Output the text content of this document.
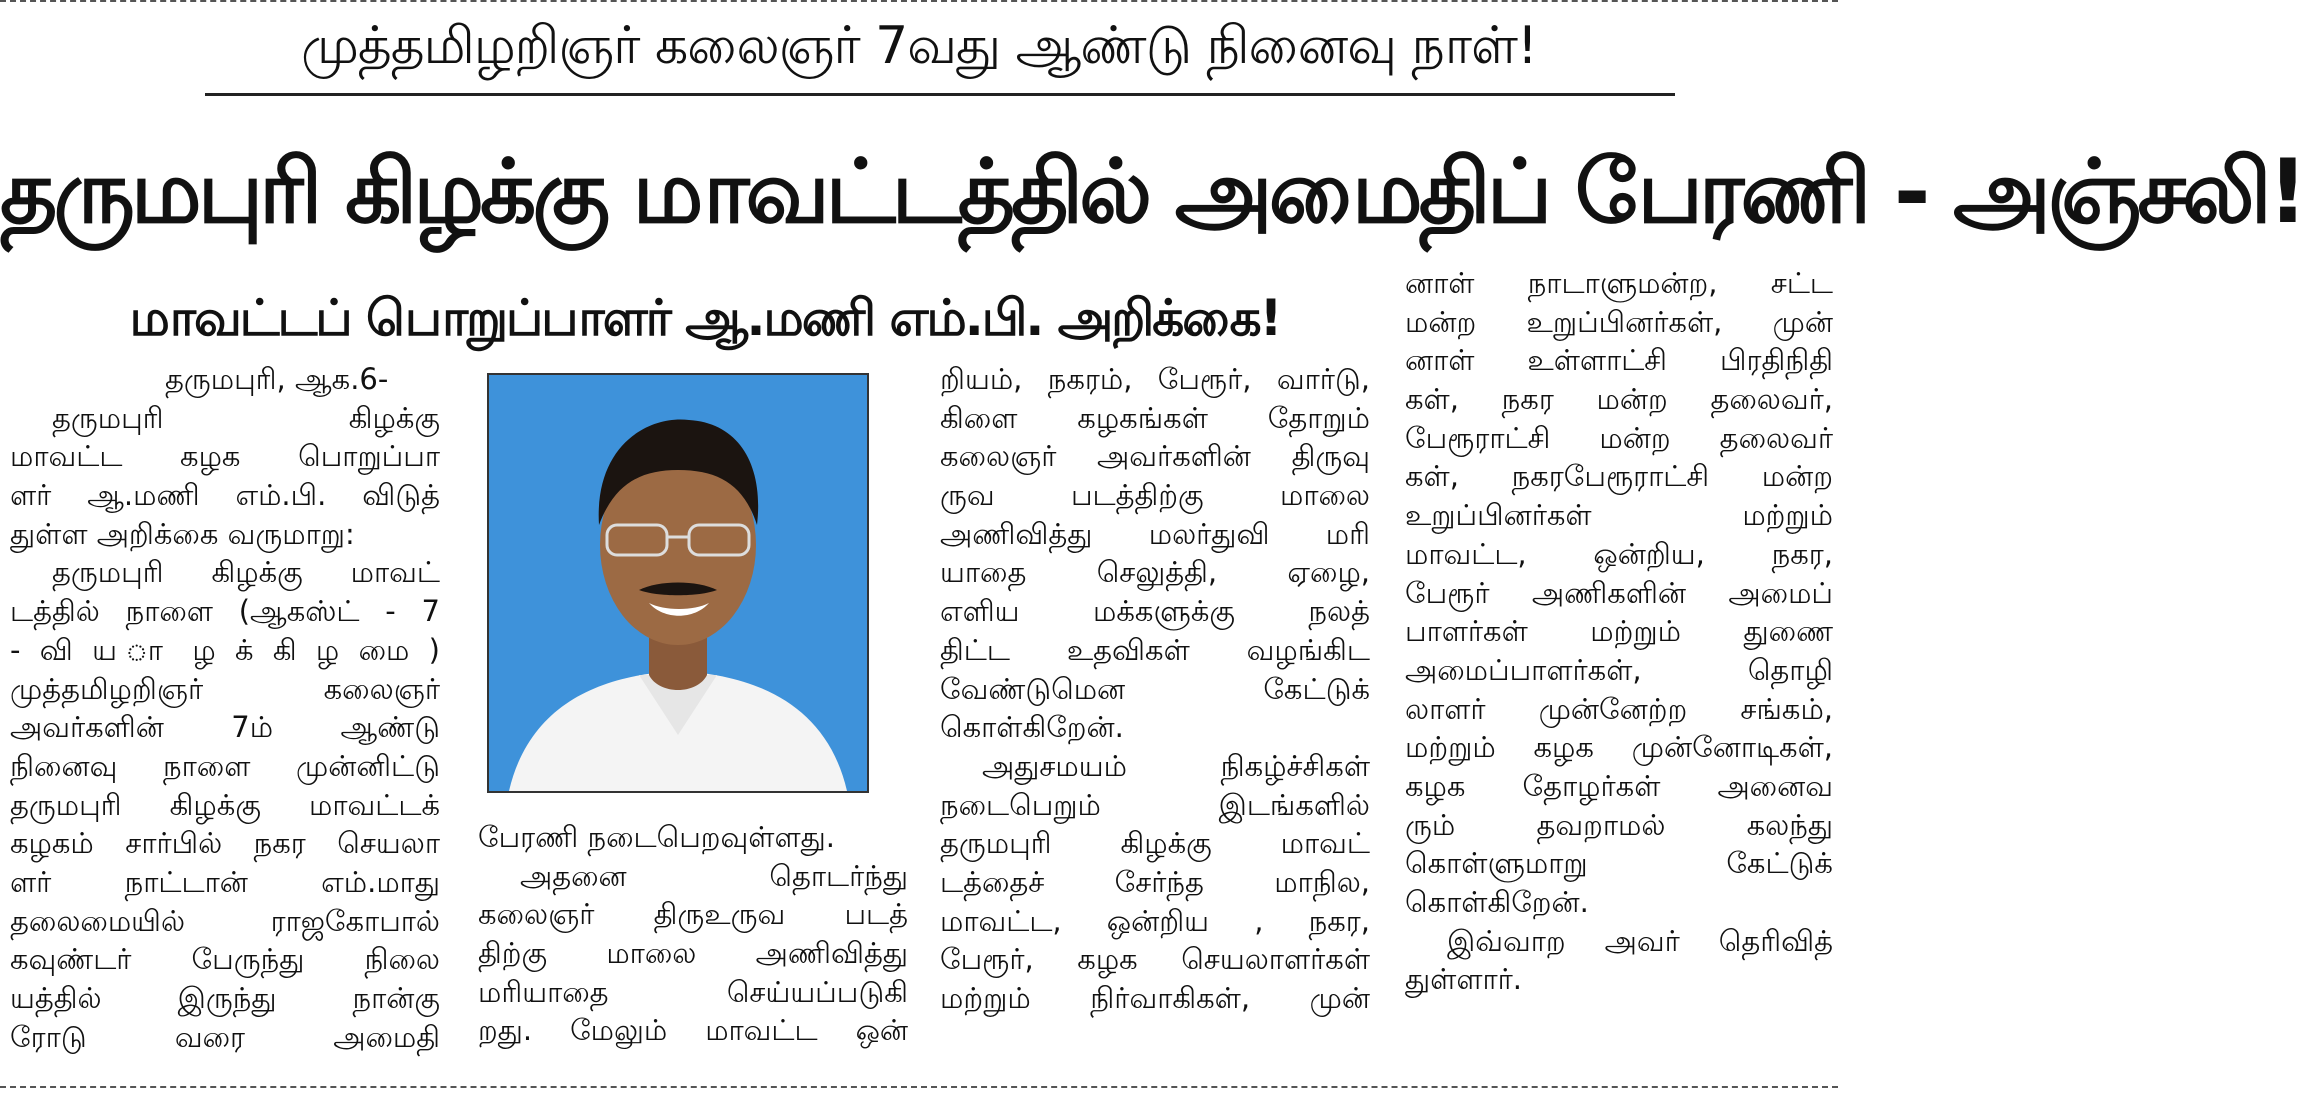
முத்தமிழறிஞர் கலைஞர் 7வது ஆண்டு நினைவு நாள்!
தருமபுரி கிழக்கு மாவட்டத்தில் அமைதிப் பேரணி - அஞ்சலி!
மாவட்டப் பொறுப்பாளர் ஆ.மணி எம்.பி. அறிக்கை!
தருமபுரி, ஆக.6-
தருமபுரி கிழக்கு
மாவட்ட கழக பொறுப்பா
ளர் ஆ.மணி எம்.பி. விடுத்
துள்ள அறிக்கை வருமாறு:
தருமபுரி கிழக்கு மாவட்
டத்தில் நாளை (ஆகஸ்ட் - 7
- வி ய ா ழ க் கி ழ மை )
முத்தமிழறிஞர் கலைஞர்
அவர்களின் 7ம் ஆண்டு
நினைவு நாளை முன்னிட்டு
தருமபுரி கிழக்கு மாவட்டக்
கழகம் சார்பில் நகர செயலா
ளர் நாட்டான் எம்.மாது
தலைமையில் ராஜகோபால்
கவுண்டர் பேருந்து நிலை
யத்தில் இருந்து நான்கு
ரோடு வரை அமைதி
பேரணி நடைபெறவுள்ளது.
அதனை தொடர்ந்து
கலைஞர் திருஉருவ படத்
திற்கு மாலை அணிவித்து
மரியாதை செய்யப்படுகி
றது. மேலும் மாவட்ட ஒன்
றியம், நகரம், பேரூர், வார்டு,
கிளை கழகங்கள் தோறும்
கலைஞர் அவர்களின் திருவு
ருவ படத்திற்கு மாலை
அணிவித்து மலர்துவி மரி
யாதை செலுத்தி, ஏழை,
எளிய மக்களுக்கு நலத்
திட்ட உதவிகள் வழங்கிட
வேண்டுமென கேட்டுக்
கொள்கிறேன்.
அதுசமயம் நிகழ்ச்சிகள்
நடைபெறும் இடங்களில்
தருமபுரி கிழக்கு மாவட்
டத்தைச் சேர்ந்த மாநில,
மாவட்ட, ஒன்றிய , நகர,
பேரூர், கழக செயலாளர்கள்
மற்றும் நிர்வாகிகள், முன்
னாள் நாடாளுமன்ற, சட்ட
மன்ற உறுப்பினர்கள், முன்
னாள் உள்ளாட்சி பிரதிநிதி
கள், நகர மன்ற தலைவர்,
பேரூராட்சி மன்ற தலைவர்
கள், நகரபேரூராட்சி மன்ற
உறுப்பினர்கள் மற்றும்
மாவட்ட, ஒன்றிய, நகர,
பேரூர் அணிகளின் அமைப்
பாளர்கள் மற்றும் துணை
அமைப்பாளர்கள், தொழி
லாளர் முன்னேற்ற சங்கம்,
மற்றும் கழக முன்னோடிகள்,
கழக தோழர்கள் அனைவ
ரும் தவறாமல் கலந்து
கொள்ளுமாறு கேட்டுக்
கொள்கிறேன்.
இவ்வாற அவர் தெரிவித்
துள்ளார்.
